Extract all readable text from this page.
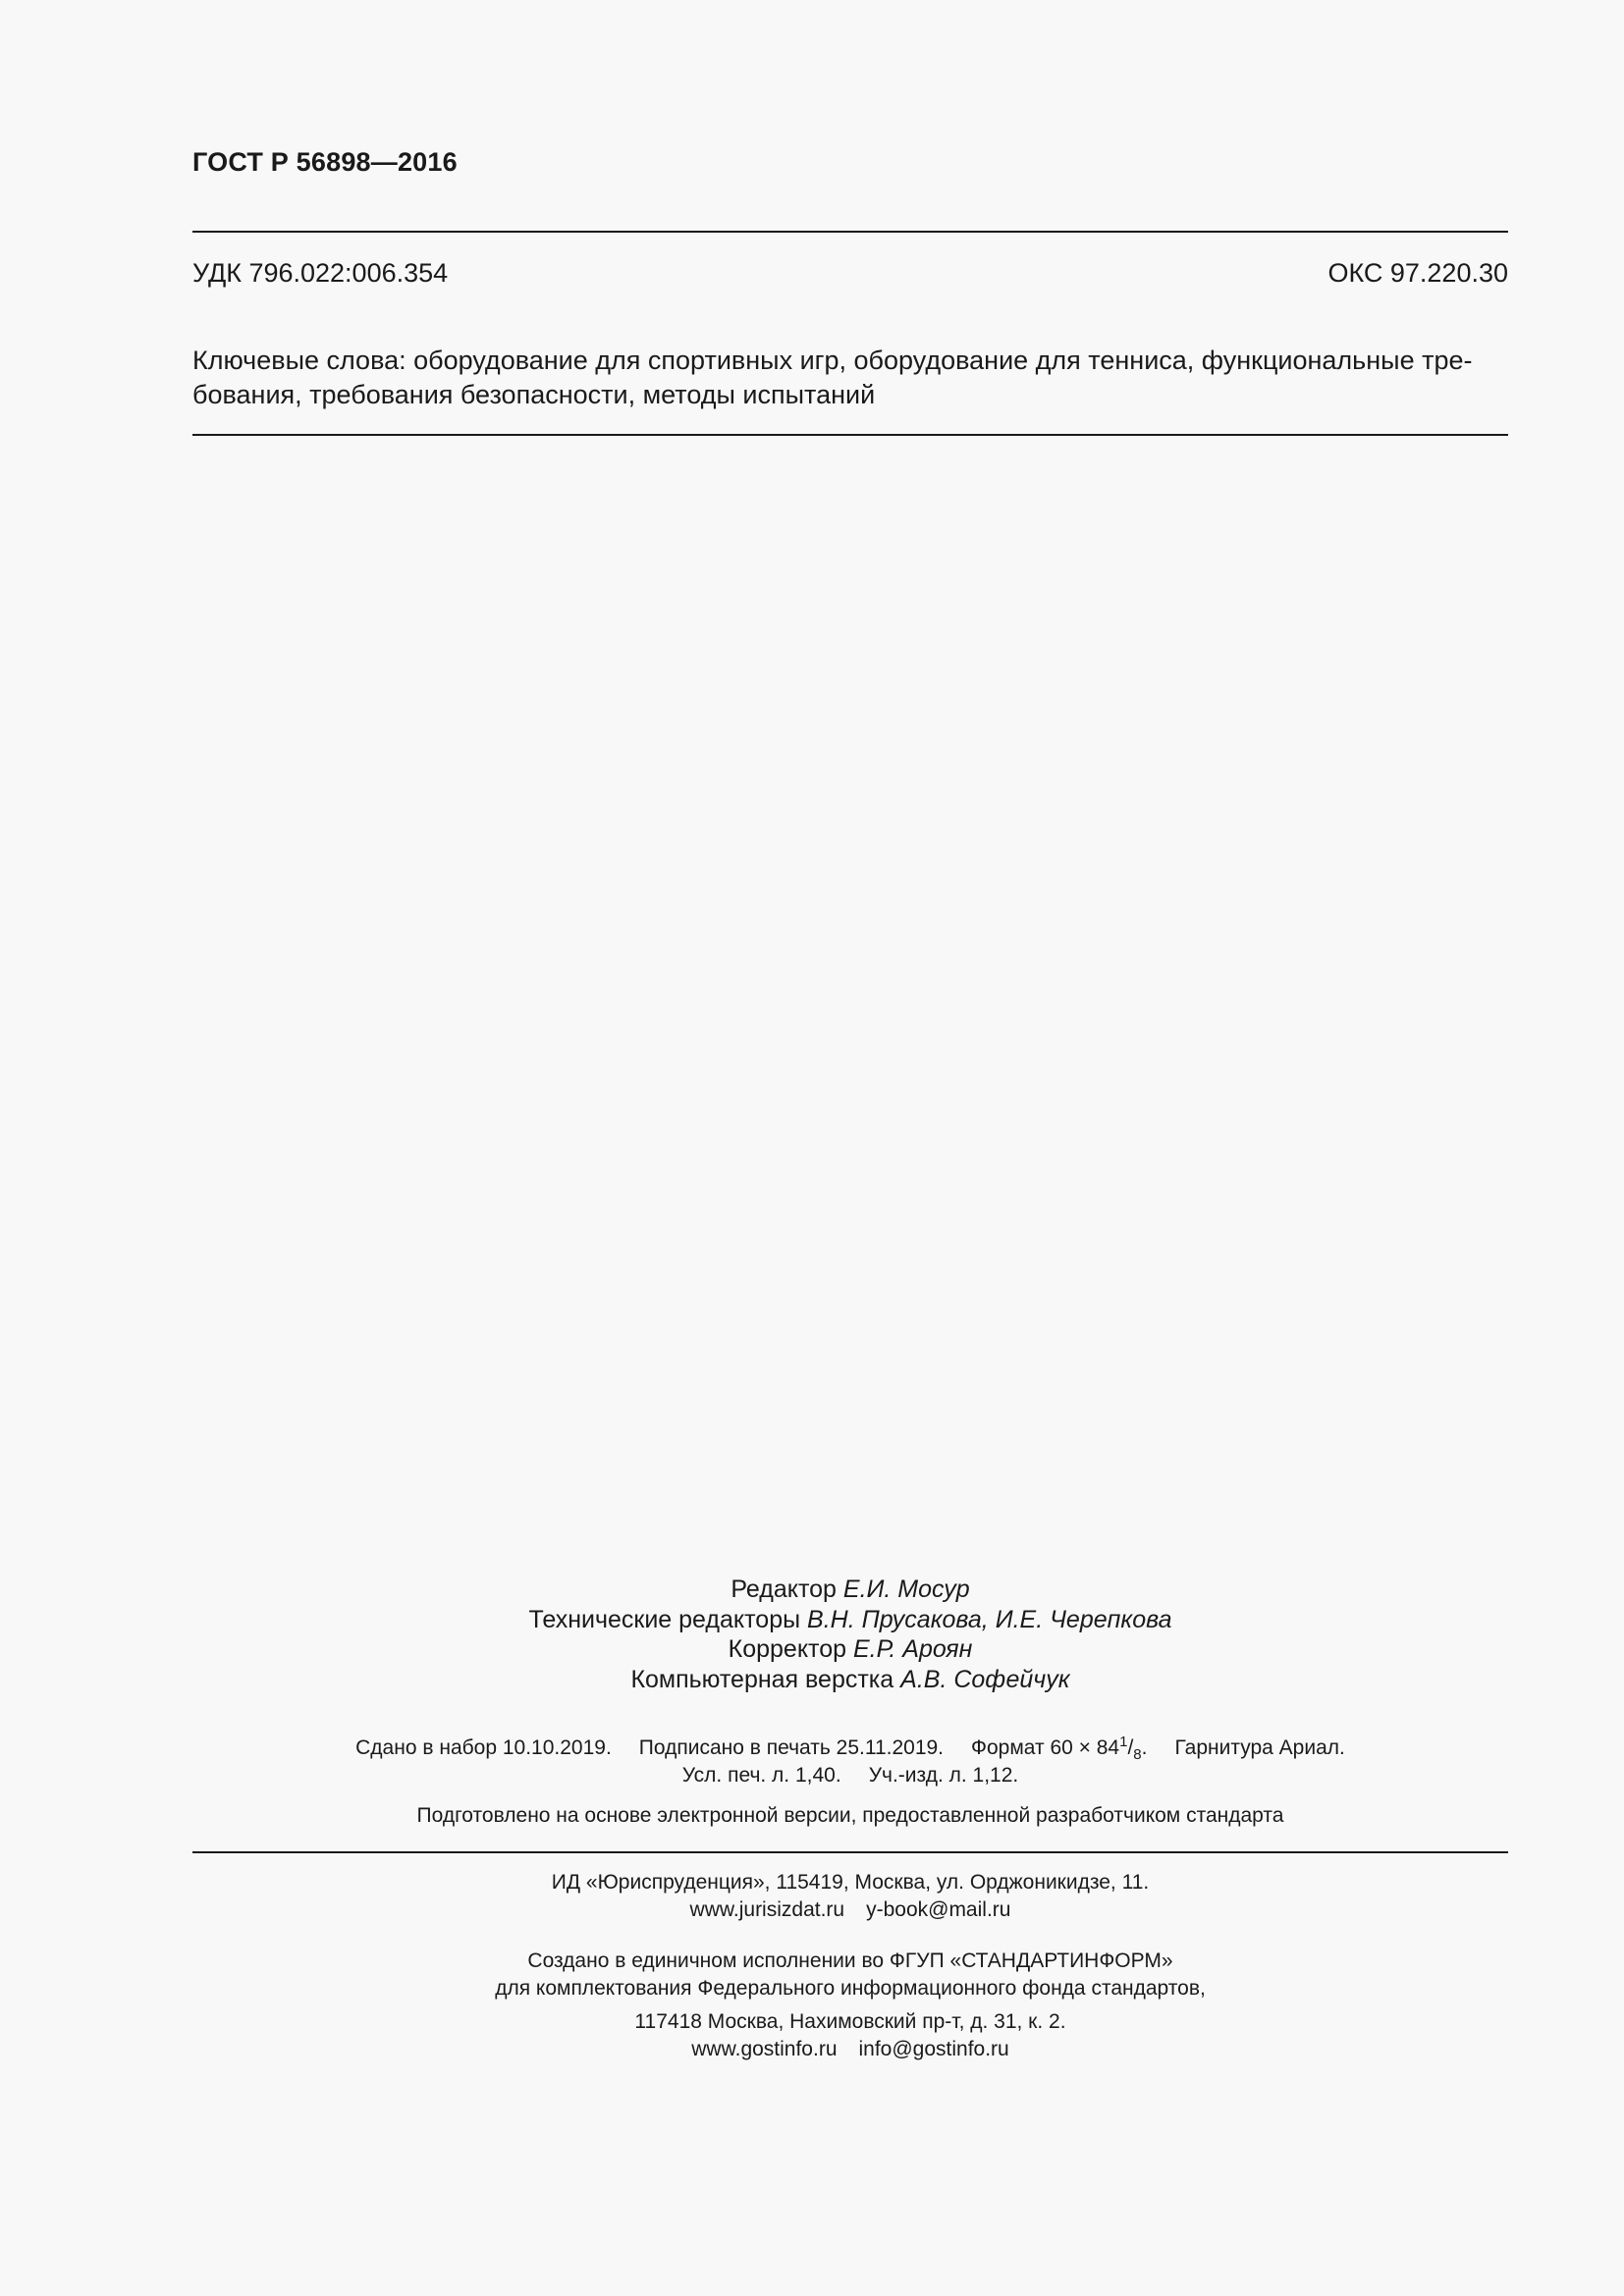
ГОСТ Р 56898—2016
УДК 796.022:006.354	ОКС 97.220.30
Ключевые слова: оборудование для спортивных игр, оборудование для тенниса, функциональные тре-
бования, требования безопасности, методы испытаний
Редактор Е.И. Мосур
Технические редакторы В.Н. Прусакова, И.Е. Черепкова
Корректор Е.Р. Ароян
Компьютерная верстка А.В. Софейчук
Сдано в набор 10.10.2019. Подписано в печать 25.11.2019. Формат $60 \times 84^1/_8$. Гарнитура Ариал.
Усл. печ. л. 1,40. Уч.-изд. л. 1,12.
Подготовлено на основе электронной версии, предоставленной разработчиком стандарта
ИД «Юриспруденция», 115419, Москва, ул. Орджоникидзе, 11.
www.jurisizdat.ru y-book@mail.ru
Создано в единичном исполнении во ФГУП «СТАНДАРТИНФОРМ»
для комплектования Федерального информационного фонда стандартов,
117418 Москва, Нахимовский пр-т, д. 31, к. 2.
www.gostinfo.ru info@gostinfo.ru
